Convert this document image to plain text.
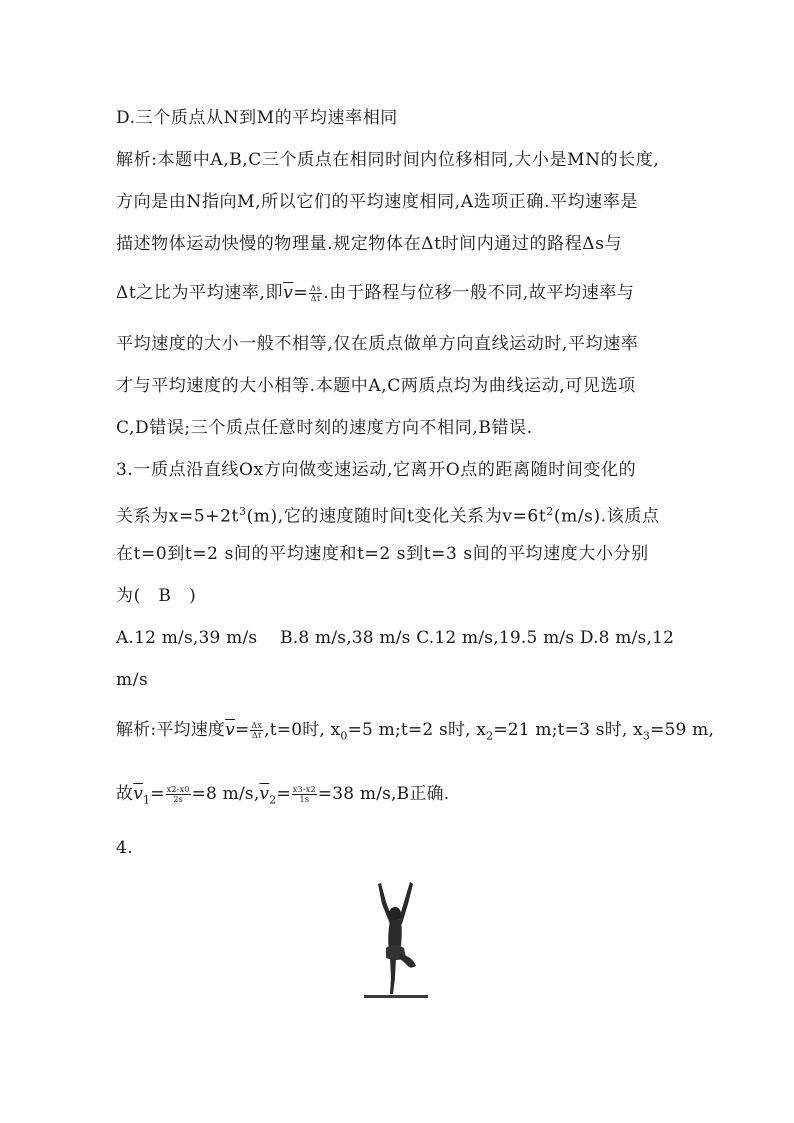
D.三个质点从N到M的平均速率相同
解析:本题中A,B,C三个质点在相同时间内位移相同,大小是MN的长度,
方向是由N指向M,所以它们的平均速度相同,A选项正确.平均速率是
描述物体运动快慢的物理量.规定物体在Δt时间内通过的路程Δs与
Δt之比为平均速率,即$\overline{v}= \frac{\Delta s}{\Delta t}$ .由于路程与位移一般不同,故平均速率与
平均速度的大小一般不相等,仅在质点做单方向直线运动时,平均速率
才与平均速度的大小相等.本题中A,C两质点均为曲线运动,可见选项
C,D错误;三个质点任意时刻的速度方向不相同,B错误.
3.一质点沿直线Ox方向做变速运动,它离开O点的距离随时间变化的
关系为$x=5+2t^3(m)$,它的速度随时间t变化关系为$v=6t^2(m/s)$.该质点
在t=0到t=2 s间的平均速度和t=2 s到t=3 s间的平均速度大小分别
为(　B　)
A.12 m/s,39 m/s　 B.8 m/s,38 m/s C.12 m/s,19.5 m/s D.8 m/s,12
m/s
解析:平均速度$\overline{v}= \frac{\Delta x}{\Delta t} ,t=0$时, $x_0=5$ m;t=2 s时, $x_2=21$ m;t=3 s时, $x_3=59$ m,
故$\overline{v}_1= \frac{x2-x0}{2s} =8$ $m/s,\overline{v}_2= \frac{x3-x2}{1s} =38$ m/s,B正确.
4.
